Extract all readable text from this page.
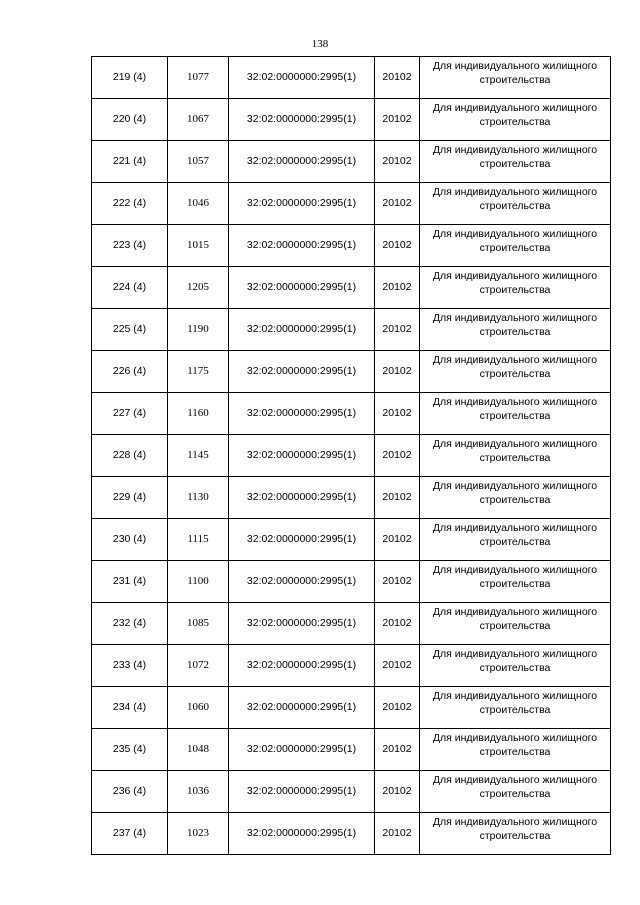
138
219 (4)	1077	32:02:0000000:2995(1)	20102	Для индивидуального жилищного строительства
220 (4)	1067	32:02:0000000:2995(1)	20102	Для индивидуального жилищного строительства
221 (4)	1057	32:02:0000000:2995(1)	20102	Для индивидуального жилищного строительства
222 (4)	1046	32:02:0000000:2995(1)	20102	Для индивидуального жилищного строительства
223 (4)	1015	32:02:0000000:2995(1)	20102	Для индивидуального жилищного строительства
224 (4)	1205	32:02:0000000:2995(1)	20102	Для индивидуального жилищного строительства
225 (4)	1190	32:02:0000000:2995(1)	20102	Для индивидуального жилищного строительства
226 (4)	1175	32:02:0000000:2995(1)	20102	Для индивидуального жилищного строительства
227 (4)	1160	32:02:0000000:2995(1)	20102	Для индивидуального жилищного строительства
228 (4)	1145	32:02:0000000:2995(1)	20102	Для индивидуального жилищного строительства
229 (4)	1130	32:02:0000000:2995(1)	20102	Для индивидуального жилищного строительства
230 (4)	1115	32:02:0000000:2995(1)	20102	Для индивидуального жилищного строительства
231 (4)	1100	32:02:0000000:2995(1)	20102	Для индивидуального жилищного строительства
232 (4)	1085	32:02:0000000:2995(1)	20102	Для индивидуального жилищного строительства
233 (4)	1072	32:02:0000000:2995(1)	20102	Для индивидуального жилищного строительства
234 (4)	1060	32:02:0000000:2995(1)	20102	Для индивидуального жилищного строительства
235 (4)	1048	32:02:0000000:2995(1)	20102	Для индивидуального жилищного строительства
236 (4)	1036	32:02:0000000:2995(1)	20102	Для индивидуального жилищного строительства
237 (4)	1023	32:02:0000000:2995(1)	20102	Для индивидуального жилищного строительства
